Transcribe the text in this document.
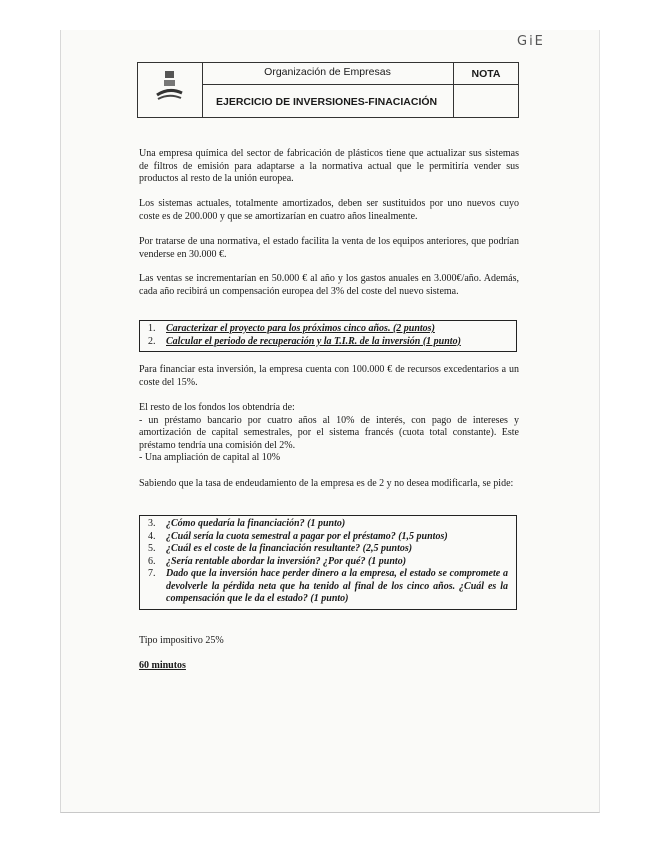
GiE
Organización de Empresas	NOTA
EJERCICIO DE INVERSIONES-FINACIACIÓN

Una empresa química del sector de fabricación de plásticos tiene que actualizar sus sistemas de filtros de emisión para adaptarse a la normativa actual que le permitiría vender sus productos al resto de la unión europea.

Los sistemas actuales, totalmente amortizados, deben ser sustituidos por uno nuevos cuyo coste es de 200.000 y que se amortizarían en cuatro años linealmente.

Por tratarse de una normativa, el estado facilita la venta de los equipos anteriores, que podrían venderse en 30.000 €.

Las ventas se incrementarían en 50.000 € al año y los gastos anuales en 3.000€/año. Además, cada año recibirá un compensación europea del 3% del coste del nuevo sistema.

1. Caracterizar el proyecto para los próximos cinco años. (2 puntos)
2. Calcular el periodo de recuperación y la T.I.R. de la inversión (1 punto)

Para financiar esta inversión, la empresa cuenta con 100.000 € de recursos excedentarios a un coste del 15%.

El resto de los fondos los obtendría de:
- un préstamo bancario por cuatro años al 10% de interés, con pago de intereses y amortización de capital semestrales, por el sistema francés (cuota total constante). Este préstamo tendría una comisión del 2%.
- Una ampliación de capital al 10%

Sabiendo que la tasa de endeudamiento de la empresa es de 2 y no desea modificarla, se pide:

3. ¿Cómo quedaría la financiación? (1 punto)
4. ¿Cuál sería la cuota semestral a pagar por el préstamo? (1,5 puntos)
5. ¿Cuál es el coste de la financiación resultante? (2,5 puntos)
6. ¿Sería rentable abordar la inversión? ¿Por qué? (1 punto)
7. Dado que la inversión hace perder dinero a la empresa, el estado se compromete a devolverle la pérdida neta que ha tenido al final de los cinco años. ¿Cuál es la compensación que le da el estado? (1 punto)
Tipo impositivo 25%
60 minutos
